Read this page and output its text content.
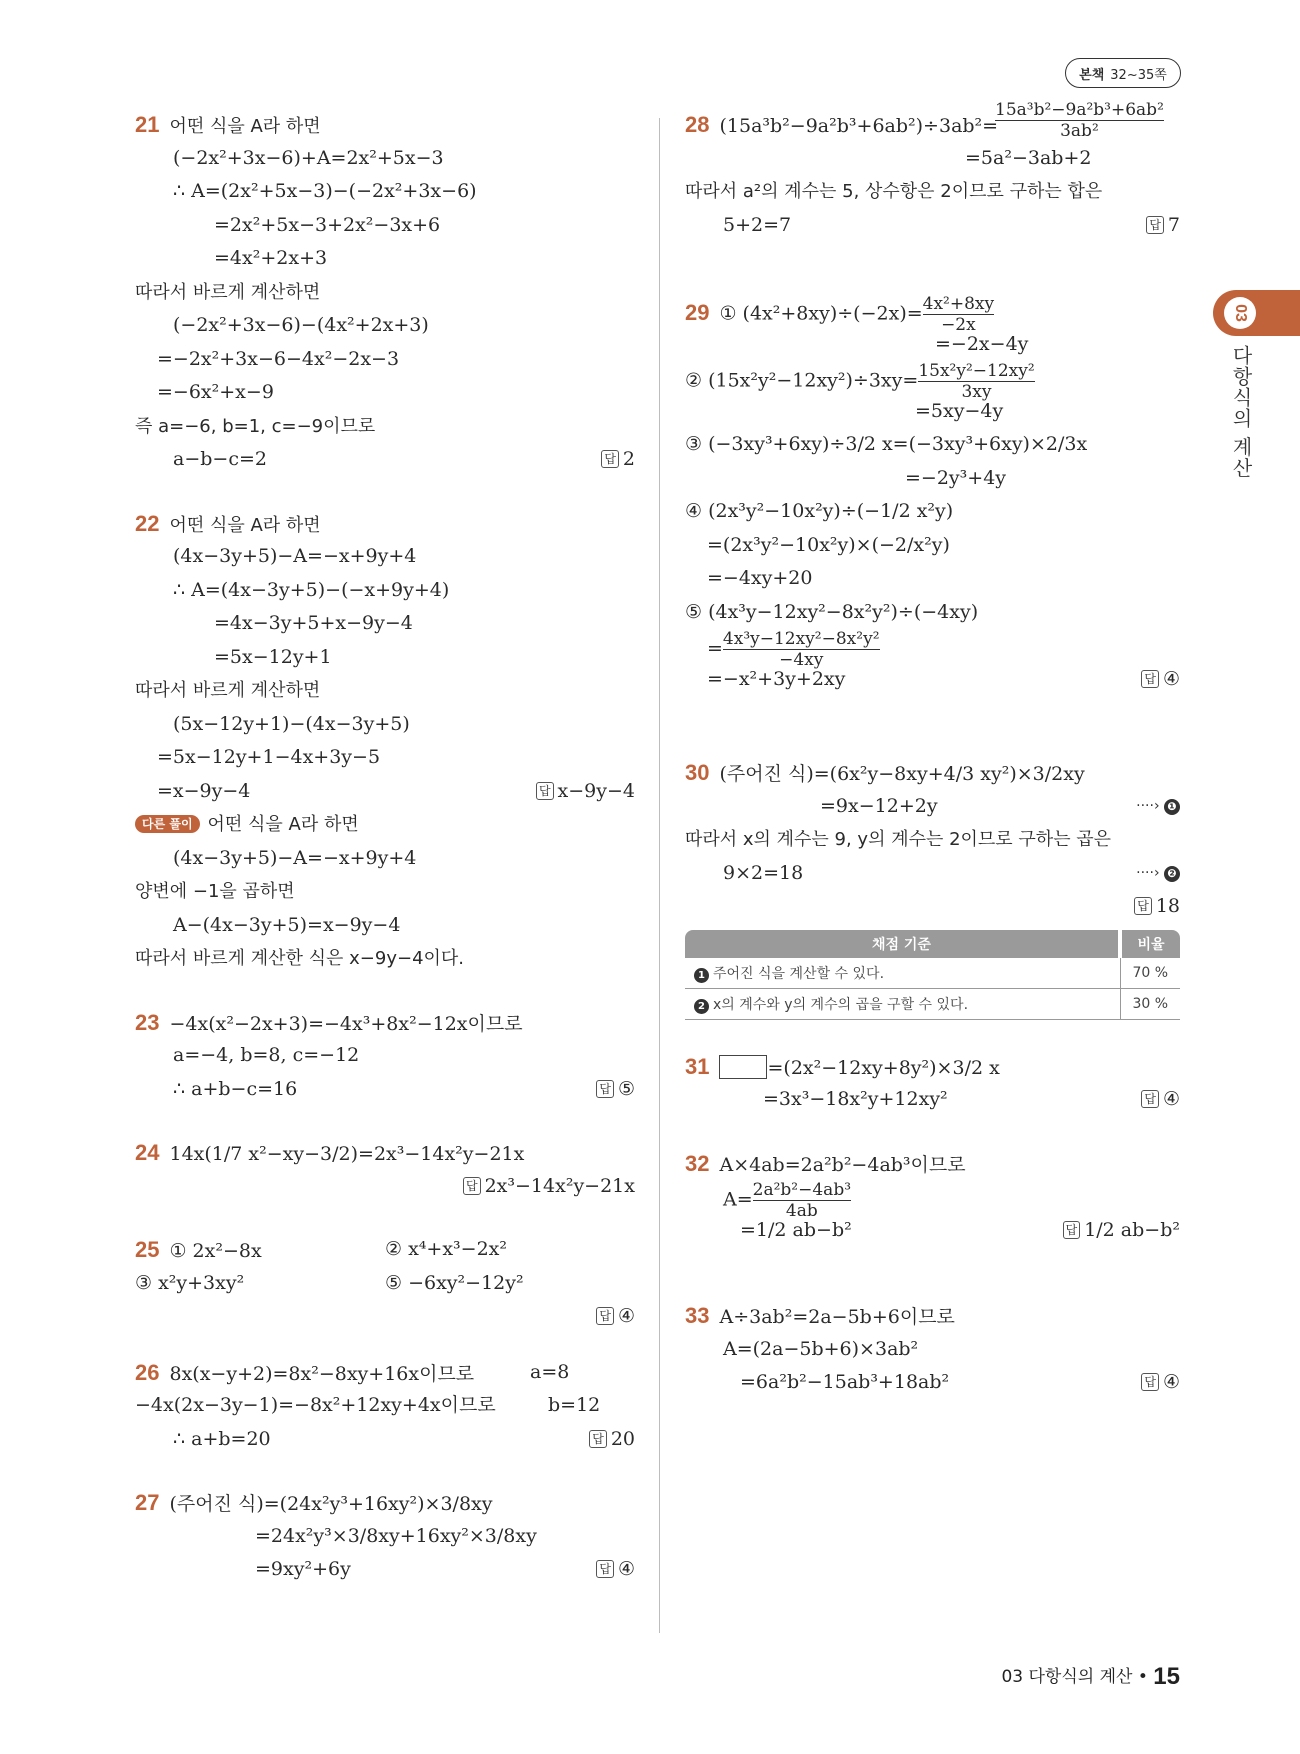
본책 32~35쪽
03
다항식의 계산
21 어떤 식을 A라 하면
(−2x²+3x−6)+A=2x²+5x−3
∴ A=(2x²+5x−3)−(−2x²+3x−6)
=2x²+5x−3+2x²−3x+6
=4x²+2x+3
따라서 바르게 계산하면
(−2x²+3x−6)−(4x²+2x+3)
=−2x²+3x−6−4x²−2x−3
=−6x²+x−9
즉 a=−6, b=1, c=−9이므로
a−b−c=2	답 2
22 어떤 식을 A라 하면
(4x−3y+5)−A=−x+9y+4
∴ A=(4x−3y+5)−(−x+9y+4)
=4x−3y+5+x−9y−4
=5x−12y+1
따라서 바르게 계산하면
(5x−12y+1)−(4x−3y+5)
=5x−12y+1−4x+3y−5
=x−9y−4	답 x−9y−4
다른 풀이 어떤 식을 A라 하면
(4x−3y+5)−A=−x+9y+4
양변에 −1을 곱하면
A−(4x−3y+5)=x−9y−4
따라서 바르게 계산한 식은 x−9y−4이다.
23 −4x(x²−2x+3)=−4x³+8x²−12x이므로
a=−4, b=8, c=−12
∴ a+b−c=16	답 ⑤
24 14x(1/7 x²−xy−3/2)=2x³−14x²y−21x
답 2x³−14x²y−21x
25 ① 2x²−8x	② x⁴+x³−2x²
③ x²y+3xy²	⑤ −6xy²−12y²
답 ④
26 8x(x−y+2)=8x²−8xy+16x이므로	a=8
−4x(2x−3y−1)=−8x²+12xy+4x이므로	b=12
∴ a+b=20	답 20
27 (주어진 식)=(24x²y³+16xy²)×3/8xy
=24x²y³×3/8xy+16xy²×3/8xy
=9xy²+6y	답 ④
28 (15a³b²−9a²b³+6ab²)÷3ab²=
15a³b²−9a²b³+6ab²
3ab²
=5a²−3ab+2
따라서 a²의 계수는 5, 상수항은 2이므로 구하는 합은
5+2=7	답 7
29 ① $(4x^2+8xy)\div(-2x)= \frac{\text{4x²+8xy}}{-2x}$
=−2x−4y
② $(15x^2y^2-12xy^2)\div 3xy= \frac{\text{15x²y²−12xy²}}{3xy}$
=5xy−4y
③ (−3xy³+6xy)÷3/2 x=(−3xy³+6xy)×2/3x
=−2y³+4y
④ (2x³y²−10x²y)÷(−1/2 x²y)
=(2x³y²−10x²y)×(−2/x²y)
=−4xy+20
⑤ (4x³y−12xy²−8x²y²)÷(−4xy)
= $\frac{\text{4x³y−12xy²−8x²y²}}{-4xy}$
=−x²+3y+2xy	답 ④
30 (주어진 식)=(6x²y−8xy+4/3 xy²)×3/2xy
=9x−12+2y	····› ❶
따라서 x의 계수는 9, y의 계수는 2이므로 구하는 곱은
9×2=18	····› ❷
답 18
채점 기준	비율
1 주어진 식을 계산할 수 있다.	70 %
2 x의 계수와 y의 계수의 곱을 구할 수 있다.	30 %
31	=(2x²−12xy+8y²)×3/2 x
=3x³−18x²y+12xy²	답 ④
32 A×4ab=2a²b²−4ab³이므로
$A= \frac{\text{2a²b²−4ab³}}{4ab}$
=1/2 ab−b²	답 1/2 ab−b²
33 A÷3ab²=2a−5b+6이므로
A=(2a−5b+6)×3ab²
=6a²b²−15ab³+18ab²	답 ④
03 다항식의 계산 • 15
